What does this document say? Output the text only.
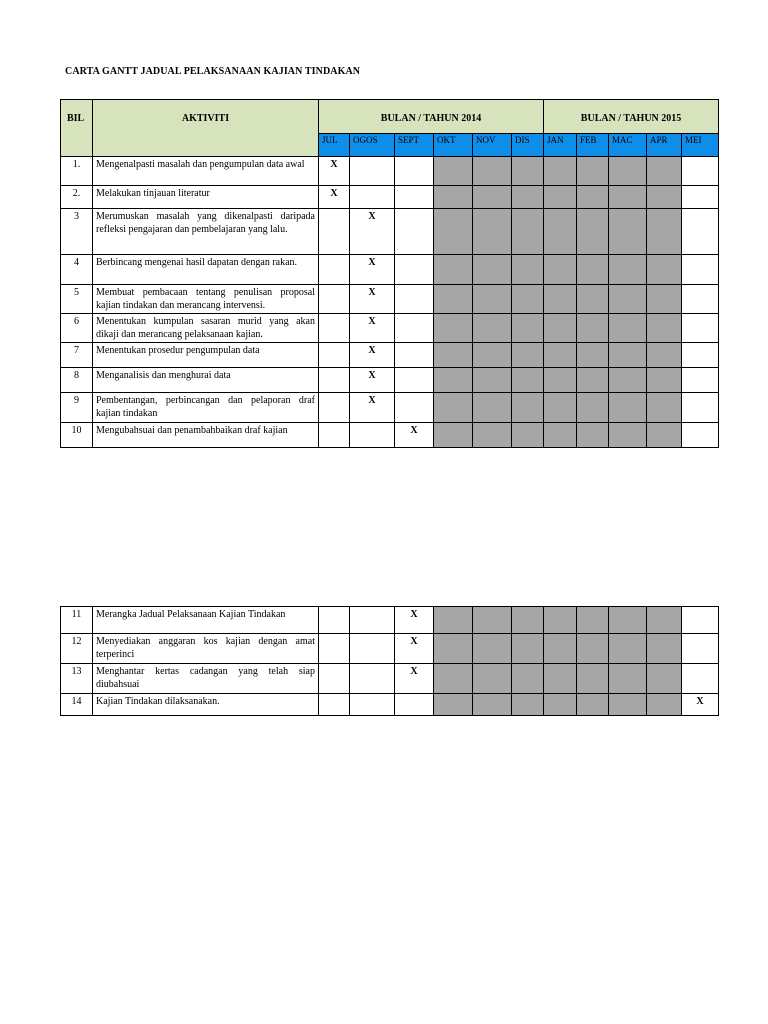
CARTA GANTT JADUAL PELAKSANAAN KAJIAN TINDAKAN
BIL	AKTIVITI	BULAN / TAHUN 2014						BULAN / TAHUN 2015				

		JUL	OGOS	SEPT	OKT	NOV	DIS	JAN	FEB	MAC	APR	MEI

1.	Mengenalpasti masalah dan pengumpulan data awal	X										

2.	Melakukan tinjauan literatur	X										

3	Merumuskan masalah yang dikenalpasti daripada refleksi pengajaran dan pembelajaran yang lalu.		X									

4	Berbincang mengenai hasil dapatan dengan rakan.		X									

5	Membuat pembacaan tentang penulisan proposal kajian tindakan dan merancang intervensi.		X									

6	Menentukan kumpulan sasaran murid yang akan dikaji dan merancang pelaksanaan kajian.		X									

7	Menentukan prosedur pengumpulan data		X									

8	Menganalisis dan menghurai data		X									

9	Pembentangan, perbincangan dan pelaporan draf kajian tindakan		X									

10	Mengubahsuai dan penambahbaikan draf kajian			X								

11	Merangka Jadual Pelaksanaan Kajian Tindakan			X								

12	Menyediakan anggaran kos kajian dengan amat terperinci			X								

13	Menghantar kertas cadangan yang telah siap diubahsuai			X								

14	Kajian Tindakan dilaksanakan.											X
